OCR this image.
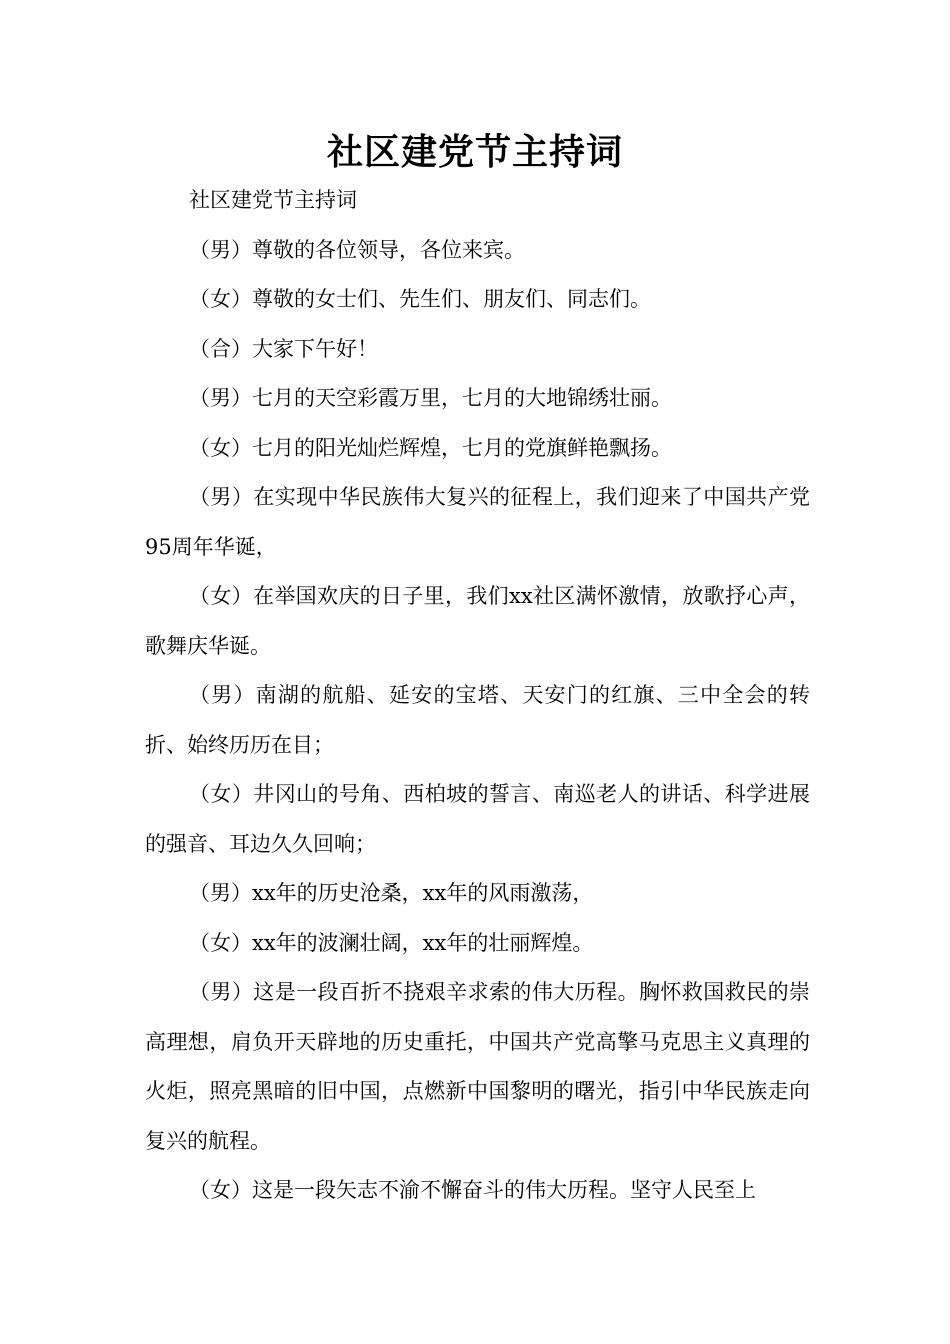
社区建党节主持词

社区建党节主持词

（男）尊敬的各位领导，各位来宾。

（女）尊敬的女士们、先生们、朋友们、同志们。

（合）大家下午好！

（男）七月的天空彩霞万里，七月的大地锦绣壮丽。

（女）七月的阳光灿烂辉煌，七月的党旗鲜艳飘扬。

（男）在实现中华民族伟大复兴的征程上，我们迎来了中国共产党95周年华诞，

（女）在举国欢庆的日子里，我们xx社区满怀激情，放歌抒心声，歌舞庆华诞。

（男）南湖的航船、延安的宝塔、天安门的红旗、三中全会的转折、始终历历在目；

（女）井冈山的号角、西柏坡的誓言、南巡老人的讲话、科学进展的强音、耳边久久回响；

（男）xx年的历史沧桑，xx年的风雨激荡，

（女）xx年的波澜壮阔，xx年的壮丽辉煌。

（男）这是一段百折不挠艰辛求索的伟大历程。胸怀救国救民的崇高理想，肩负开天辟地的历史重托，中国共产党高擎马克思主义真理的火炬，照亮黑暗的旧中国，点燃新中国黎明的曙光，指引中华民族走向复兴的航程。

（女）这是一段矢志不渝不懈奋斗的伟大历程。坚守人民至上
